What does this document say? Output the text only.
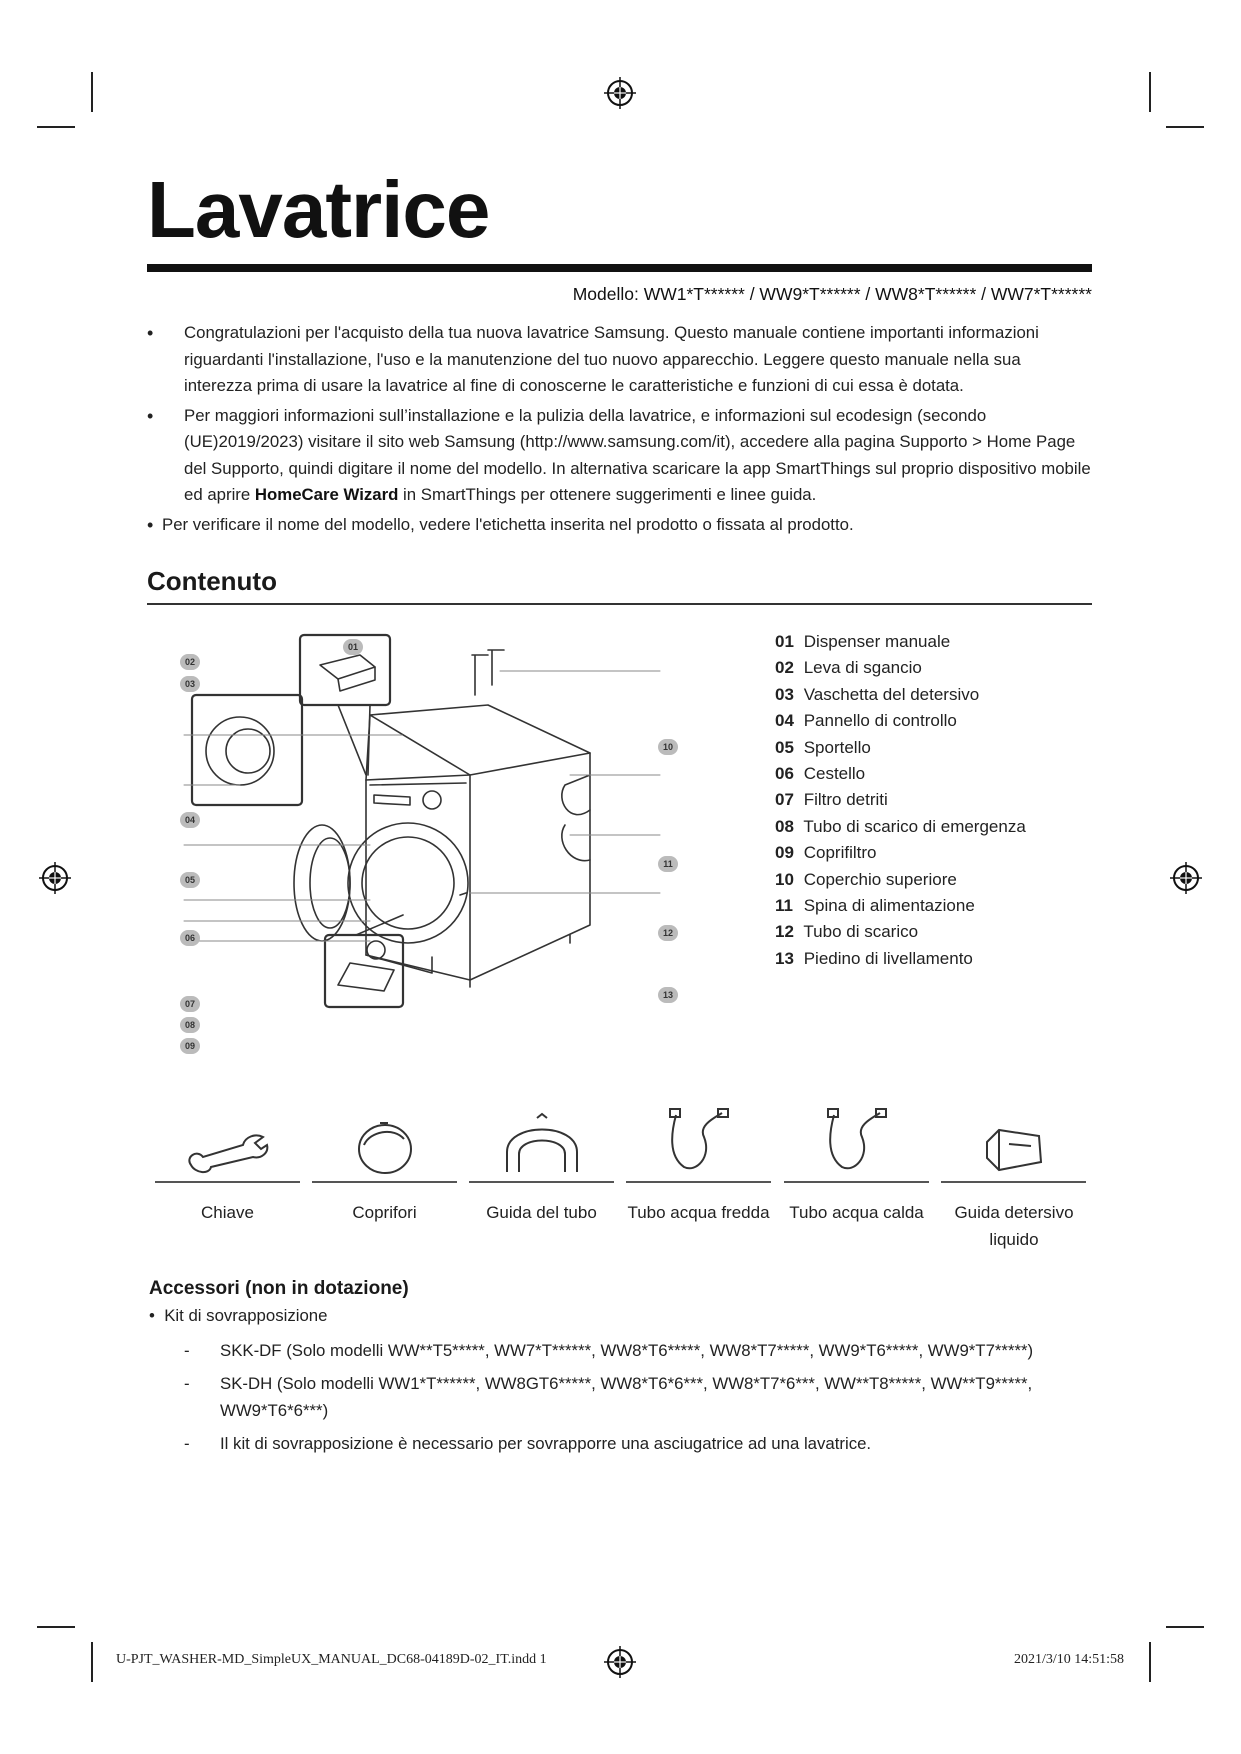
Lavatrice
Modello: WW1*T****** / WW9*T****** / WW8*T****** / WW7*T******
• Congratulazioni per l'acquisto della tua nuova lavatrice Samsung. Questo manuale contiene importanti informazioni riguardanti l'installazione, l'uso e la manutenzione del tuo nuovo apparecchio. Leggere questo manuale nella sua interezza prima di usare la lavatrice al fine di conoscerne le caratteristiche e funzioni di cui essa è dotata.
• Per maggiori informazioni sull’installazione e la pulizia della lavatrice, e informazioni sul ecodesign (secondo (UE)2019/2023) visitare il sito web Samsung (http://www.samsung.com/it), accedere alla pagina Supporto > Home Page del Supporto, quindi digitare il nome del modello. In alternativa scaricare la app SmartThings sul proprio dispositivo mobile ed aprire HomeCare Wizard in SmartThings per ottenere suggerimenti e linee guida.
• Per verificare il nome del modello, vedere l'etichetta inserita nel prodotto o fissata al prodotto.
Contenuto
01
02
03
04
05
06
07
08
09
10
11
12
13
01 Dispenser manuale
02 Leva di sgancio
03 Vaschetta del detersivo
04 Pannello di controllo
05 Sportello
06 Cestello
07 Filtro detriti
08 Tubo di scarico di emergenza
09 Coprifiltro
10 Coperchio superiore
11 Spina di alimentazione
12 Tubo di scarico
13 Piedino di livellamento
Chiave	Coprifori	Guida del tubo	Tubo acqua fredda	Tubo acqua calda	Guida detersivo liquido
Accessori (non in dotazione)
•  Kit di sovrapposizione
- SKK-DF (Solo modelli WW**T5*****, WW7*T******, WW8*T6*****, WW8*T7*****, WW9*T6*****, WW9*T7*****)
- SK-DH (Solo modelli WW1*T******, WW8GT6*****, WW8*T6*6***, WW8*T7*6***, WW**T8*****, WW**T9*****, WW9*T6*6***)
- Il kit di sovrapposizione è necessario per sovrapporre una asciugatrice ad una lavatrice.
U-PJT_WASHER-MD_SimpleUX_MANUAL_DC68-04189D-02_IT.indd 1	2021/3/10 14:51:58
